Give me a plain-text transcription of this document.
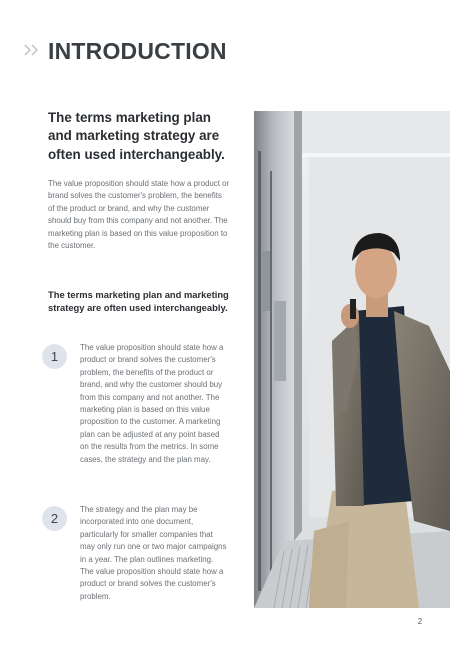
INTRODUCTION

The terms marketing plan and marketing strategy are often used interchangeably.

The value proposition should state how a product or brand solves the customer's problem, the benefits of the product or brand, and why the customer should buy from this company and not another. The marketing plan is based on this value proposition to the customer.

The terms marketing plan and marketing strategy are often used interchangeably.

1

The value proposition should state how a product or brand solves the customer's problem, the benefits of the product or brand, and why the customer should buy from this company and not another. The marketing plan is based on this value proposition to the customer. A marketing plan can be adjusted at any point based on the results from the metrics. In some cases, the strategy and the plan may.

2

The strategy and the plan may be incorporated into one document, particularly for smaller companies that may only run one or two major campaigns in a year. The plan outlines marketing. The value proposition should state how a product or brand solves the customer's problem.

2
